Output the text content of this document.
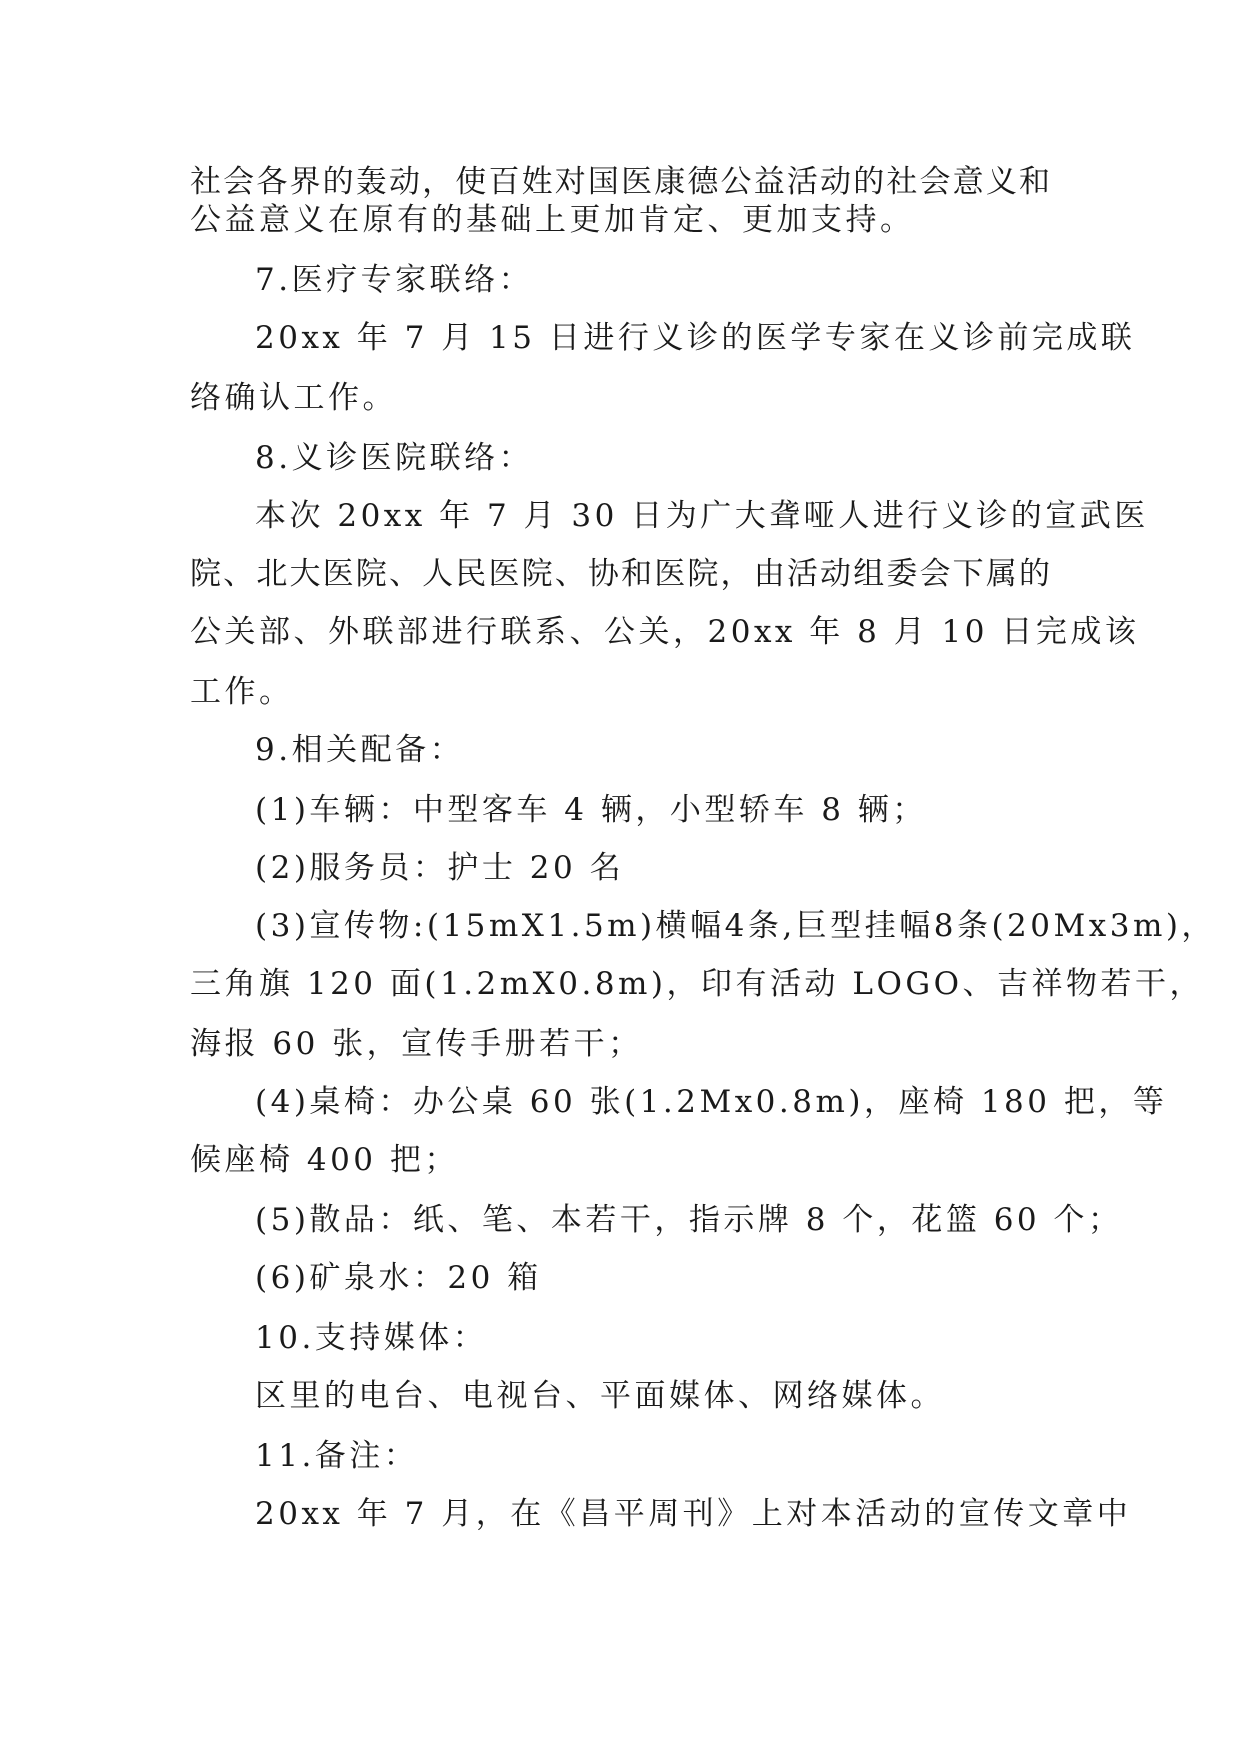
社会各界的轰动，使百姓对国医康德公益活动的社会意义和
公益意义在原有的基础上更加肯定、更加支持。
7.医疗专家联络：
20xx 年 7 月 15 日进行义诊的医学专家在义诊前完成联
络确认工作。
8.义诊医院联络：
本次 20xx 年 7 月 30 日为广大聋哑人进行义诊的宣武医
院、北大医院、人民医院、协和医院，由活动组委会下属的
公关部、外联部进行联系、公关，20xx 年 8 月 10 日完成该
工作。
9.相关配备：
(1)车辆：中型客车 4 辆，小型轿车 8 辆；
(2)服务员：护士 20 名
(3)宣传物:(15mX1.5m)横幅4条,巨型挂幅8条(20Mx3m)，
三角旗 120 面(1.2mX0.8m)，印有活动 LOGO、吉祥物若干，
海报 60 张，宣传手册若干；
(4)桌椅：办公桌 60 张(1.2Mx0.8m)，座椅 180 把，等
候座椅 400 把；
(5)散品：纸、笔、本若干，指示牌 8 个，花篮 60 个；
(6)矿泉水：20 箱
10.支持媒体：
区里的电台、电视台、平面媒体、网络媒体。
11.备注：
20xx 年 7 月，在《昌平周刊》上对本活动的宣传文章中
